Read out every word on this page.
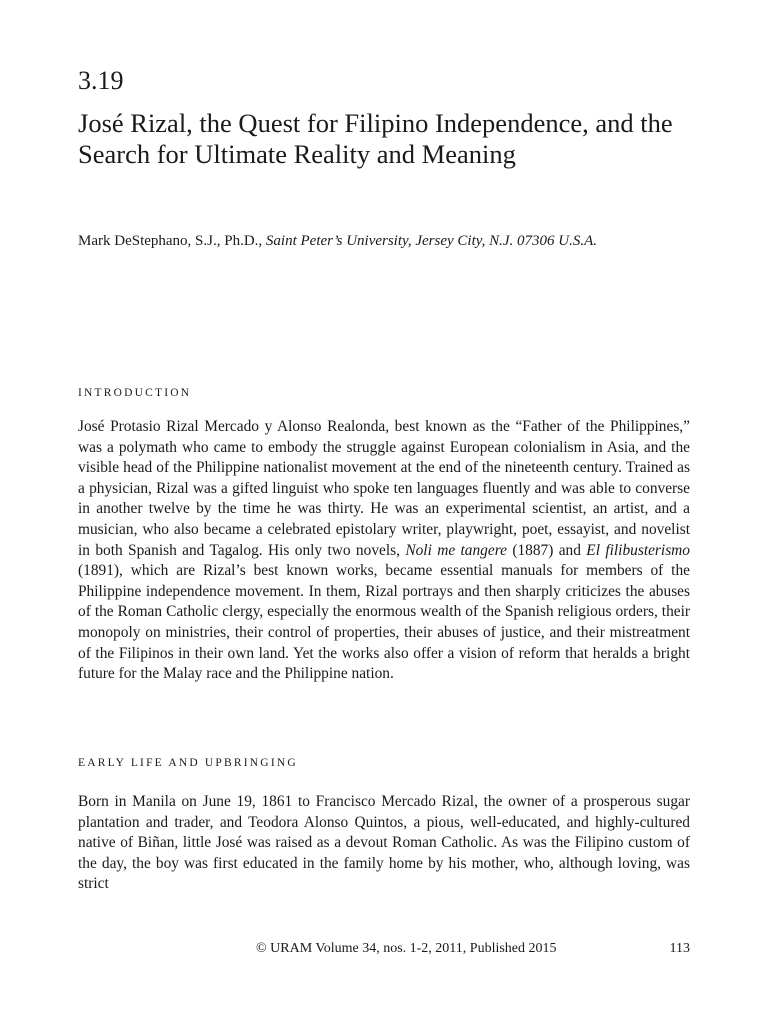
3.19
José Rizal, the Quest for Filipino Independence, and the Search for Ultimate Reality and Meaning
Mark DeStephano, S.J., Ph.D., Saint Peter’s University, Jersey City, N.J. 07306 U.S.A.
INTRODUCTION

José Protasio Rizal Mercado y Alonso Realonda, best known as the “Father of the Philippines,” was a polymath who came to embody the struggle against European colonialism in Asia, and the visible head of the Philippine nationalist movement at the end of the nineteenth century. Trained as a physician, Rizal was a gifted linguist who spoke ten languages fluently and was able to converse in another twelve by the time he was thirty. He was an experimental scientist, an artist, and a musician, who also became a celebrated epistolary writer, playwright, poet, essayist, and novelist in both Spanish and Tagalog. His only two novels, Noli me tangere (1887) and El filibusterismo (1891), which are Rizal’s best known works, became essential manuals for members of the Philippine independence movement. In them, Rizal portrays and then sharply criticizes the abuses of the Roman Catholic clergy, especially the enormous wealth of the Spanish religious orders, their monopoly on ministries, their control of properties, their abuses of justice, and their mistreatment of the Filipinos in their own land. Yet the works also offer a vision of reform that heralds a bright future for the Malay race and the Philippine nation.

EARLY LIFE AND UPBRINGING

Born in Manila on June 19, 1861 to Francisco Mercado Rizal, the owner of a prosperous sugar plantation and trader, and Teodora Alonso Quintos, a pious, well-educated, and highly-cultured native of Biñan, little José was raised as a devout Roman Catholic. As was the Filipino custom of the day, the boy was first educated in the family home by his mother, who, although loving, was strict

© URAM Volume 34, nos. 1-2, 2011, Published 2015	113
